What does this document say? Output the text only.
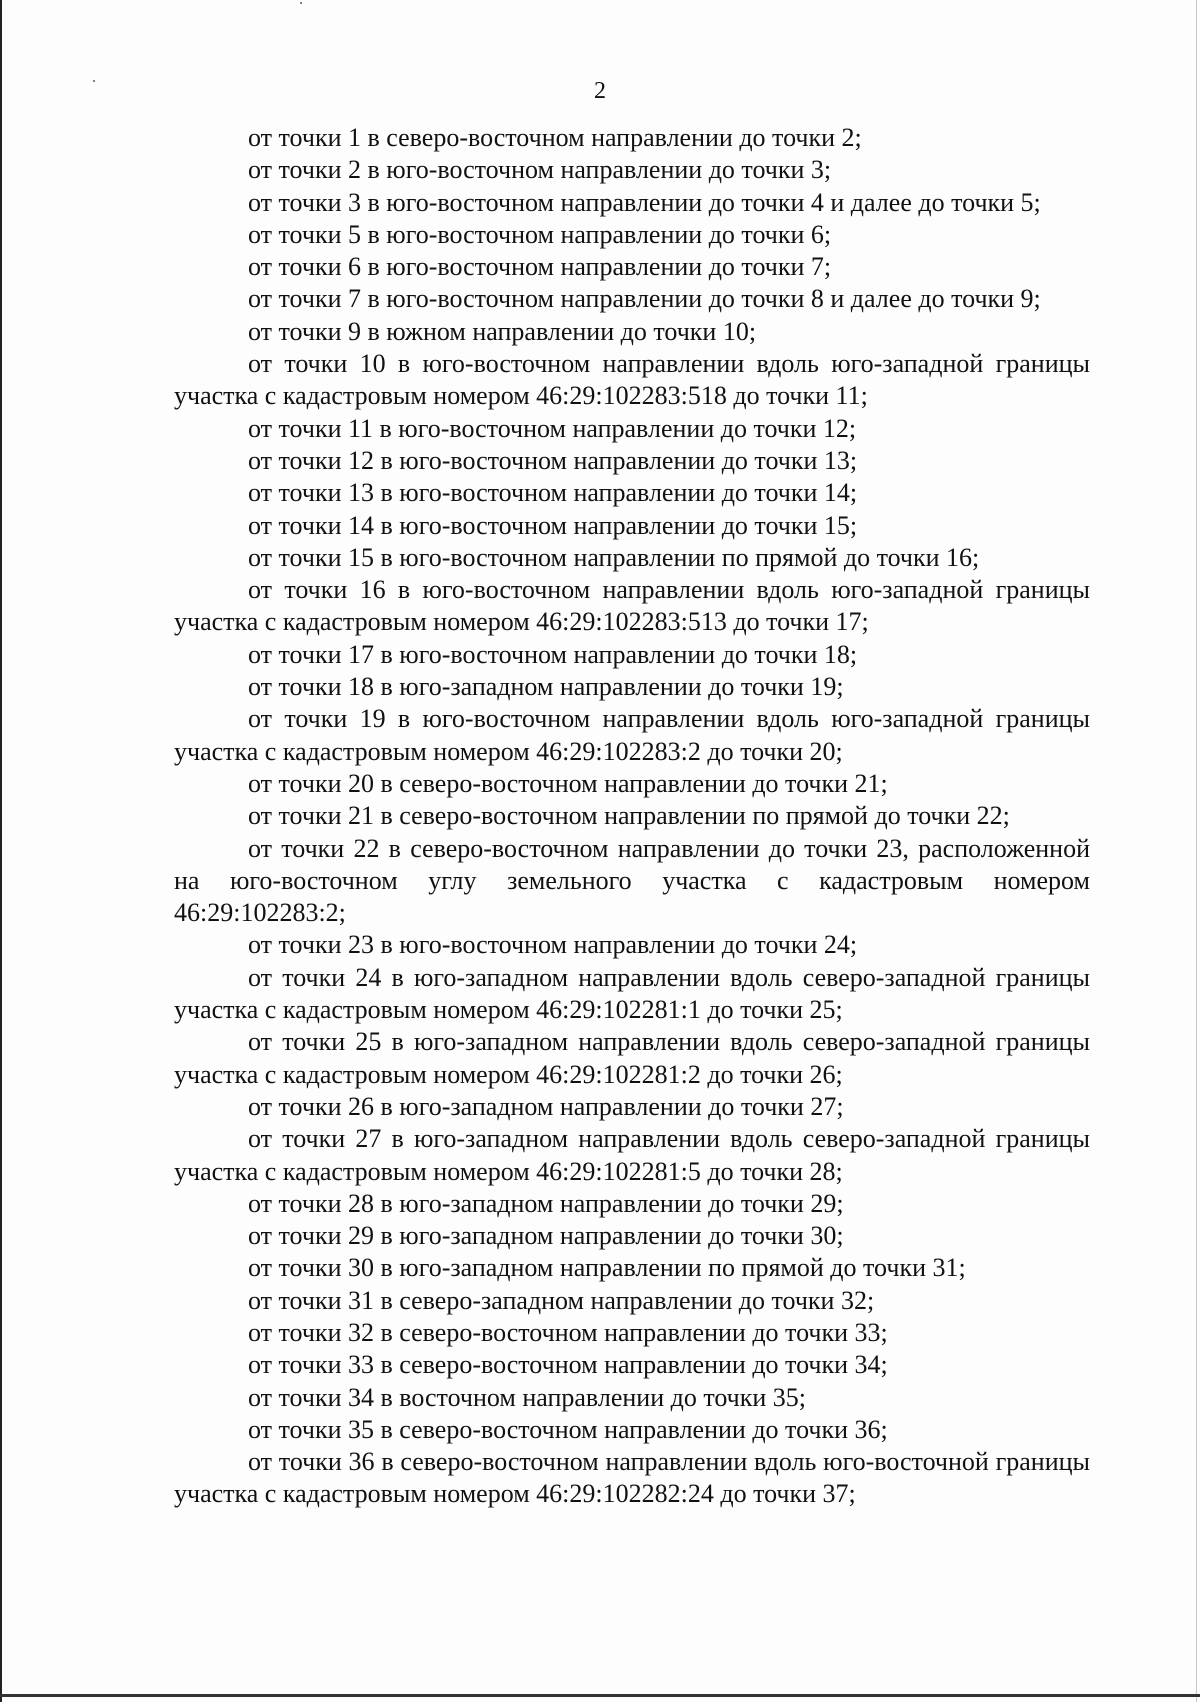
2

от точки 1 в северо-восточном направлении до точки 2;

от точки 2 в юго-восточном направлении до точки 3;

от точки 3 в юго-восточном направлении до точки 4 и далее до точки 5;

от точки 5 в юго-восточном направлении до точки 6;

от точки 6 в юго-восточном направлении до точки 7;

от точки 7 в юго-восточном направлении до точки 8 и далее до точки 9;

от точки 9 в южном направлении до точки 10;

от точки 10 в юго-восточном направлении вдоль юго-западной границы участка с кадастровым номером 46:29:102283:518 до точки 11;

от точки 11 в юго-восточном направлении до точки 12;

от точки 12 в юго-восточном направлении до точки 13;

от точки 13 в юго-восточном направлении до точки 14;

от точки 14 в юго-восточном направлении до точки 15;

от точки 15 в юго-восточном направлении по прямой до точки 16;

от точки 16 в юго-восточном направлении вдоль юго-западной границы участка с кадастровым номером 46:29:102283:513 до точки 17;

от точки 17 в юго-восточном направлении до точки 18;

от точки 18 в юго-западном направлении до точки 19;

от точки 19 в юго-восточном направлении вдоль юго-западной границы участка с кадастровым номером 46:29:102283:2 до точки 20;

от точки 20 в северо-восточном направлении до точки 21;

от точки 21 в северо-восточном направлении по прямой до точки 22;

от точки 22 в северо-восточном направлении до точки 23, расположенной на юго-восточном углу земельного участка с кадастровым номером 46:29:102283:2;

от точки 23 в юго-восточном направлении до точки 24;

от точки 24 в юго-западном направлении вдоль северо-западной границы участка с кадастровым номером 46:29:102281:1 до точки 25;

от точки 25 в юго-западном направлении вдоль северо-западной границы участка с кадастровым номером 46:29:102281:2 до точки 26;

от точки 26 в юго-западном направлении до точки 27;

от точки 27 в юго-западном направлении вдоль северо-западной границы участка с кадастровым номером 46:29:102281:5 до точки 28;

от точки 28 в юго-западном направлении до точки 29;

от точки 29 в юго-западном направлении до точки 30;

от точки 30 в юго-западном направлении по прямой до точки 31;

от точки 31 в северо-западном направлении до точки 32;

от точки 32 в северо-восточном направлении до точки 33;

от точки 33 в северо-восточном направлении до точки 34;

от точки 34 в восточном направлении до точки 35;

от точки 35 в северо-восточном направлении до точки 36;

от точки 36 в северо-восточном направлении вдоль юго-восточной границы участка с кадастровым номером 46:29:102282:24 до точки 37;
